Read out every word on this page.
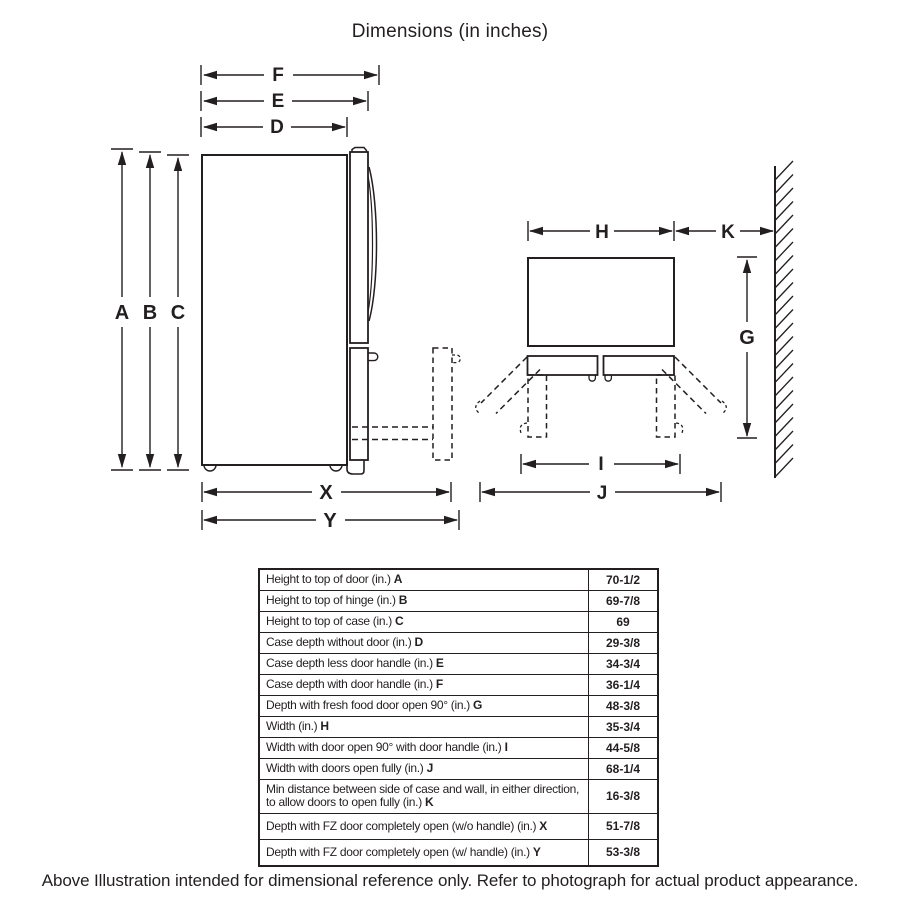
Dimensions (in inches)
F
E
D
A B C
X
Y
H	K
G
I
J
Height to top of door (in.) A	70-1/2
Height to top of hinge (in.) B	69-7/8
Height to top of case (in.) C	69
Case depth without door (in.) D	29-3/8
Case depth less door handle (in.) E	34-3/4
Case depth with door handle (in.) F	36-1/4
Depth with fresh food door open 90° (in.) G	48-3/8
Width (in.) H	35-3/4
Width with door open 90° with door handle (in.) I	44-5/8
Width with doors open fully (in.) J	68-1/4
Min distance between side of case and wall, in either direction, to allow doors to open fully (in.) K	16-3/8
Depth with FZ door completely open (w/o handle) (in.) X	51-7/8
Depth with FZ door completely open (w/ handle) (in.) Y	53-3/8
Above Illustration intended for dimensional reference only. Refer to photograph for actual product appearance.
